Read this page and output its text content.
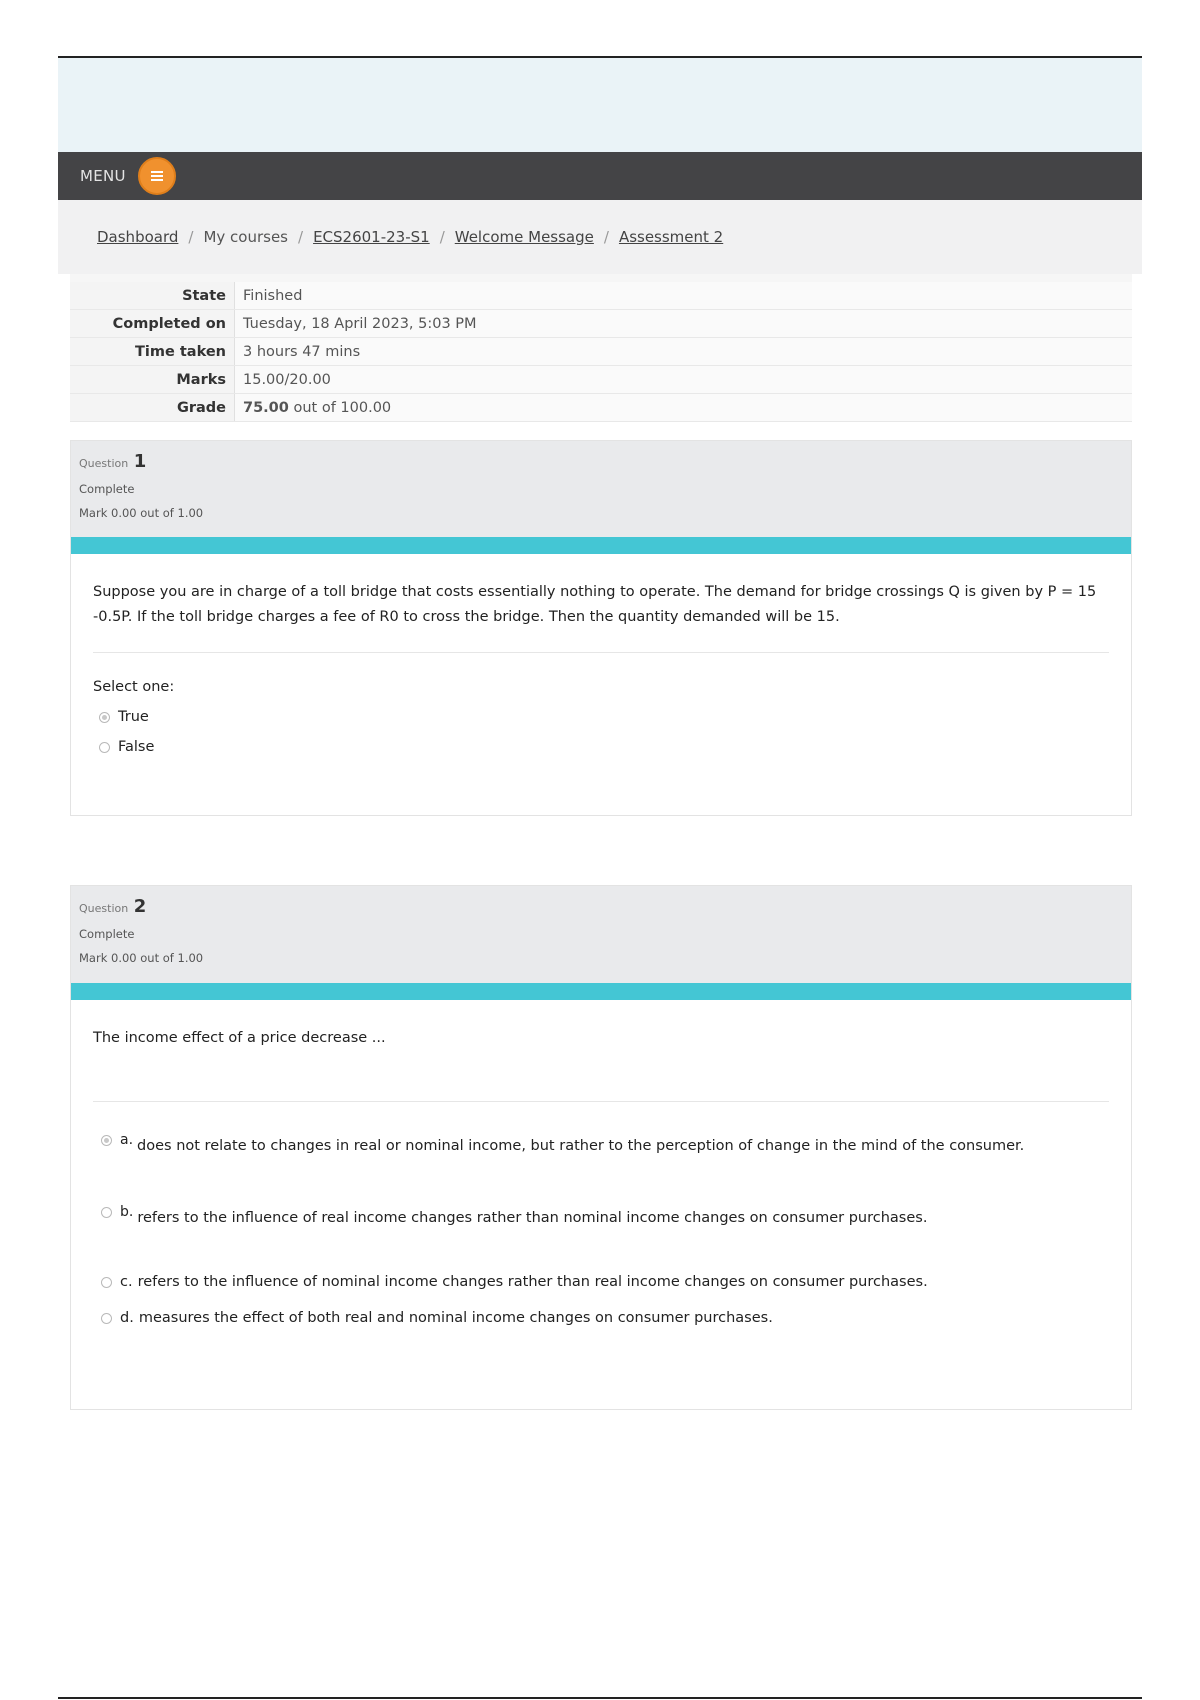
MENU
Dashboard / My courses / ECS2601-23-S1 / Welcome Message / Assessment 2
State	Finished
Completed on	Tuesday, 18 April 2023, 5:03 PM
Time taken	3 hours 47 mins
Marks	15.00/20.00
Grade	75.00 out of 100.00
Question 1
Complete
Mark 0.00 out of 1.00
Suppose you are in charge of a toll bridge that costs essentially nothing to operate. The demand for bridge crossings Q is given by P = 15 -0.5P. If the toll bridge charges a fee of R0 to cross the bridge. Then the quantity demanded will be 15.
Select one:
True
False
Question 2
Complete
Mark 0.00 out of 1.00
The income effect of a price decrease ...
a. does not relate to changes in real or nominal income, but rather to the perception of change in the mind of the consumer.
b. refers to the influence of real income changes rather than nominal income changes on consumer purchases.
c. refers to the influence of nominal income changes rather than real income changes on consumer purchases.
d. measures the effect of both real and nominal income changes on consumer purchases.
